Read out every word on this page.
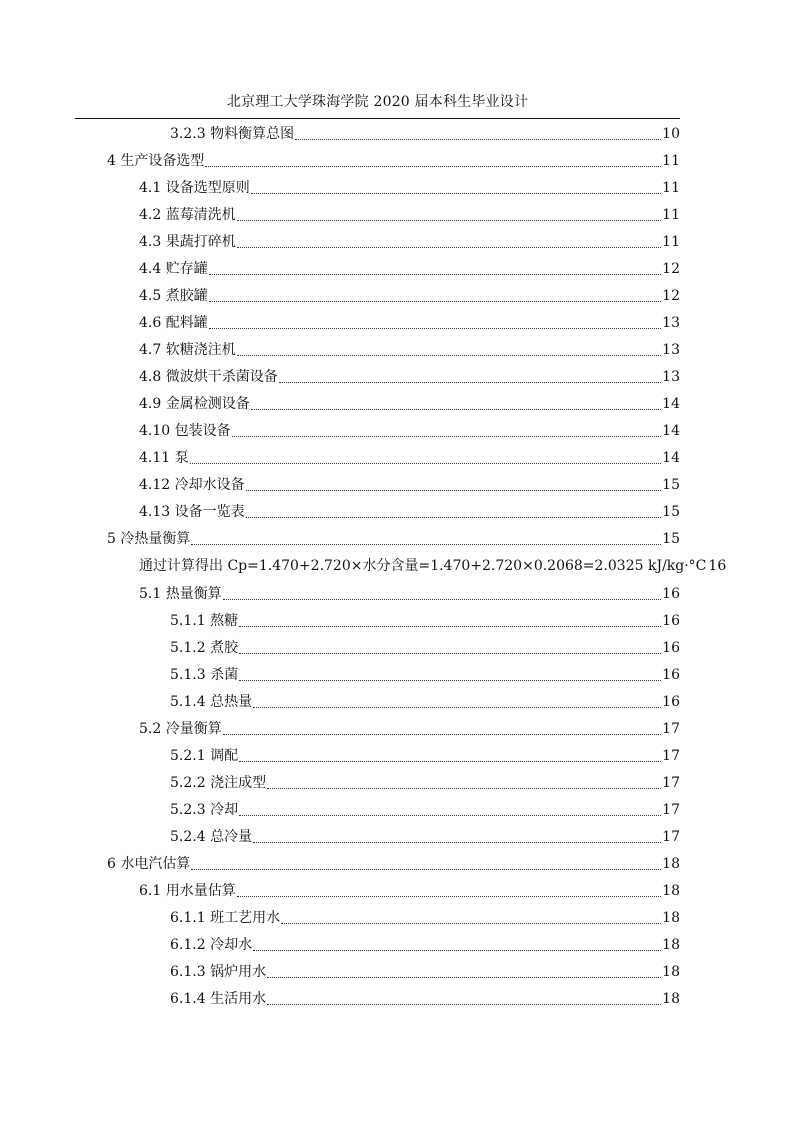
北京理工大学珠海学院 2020 届本科生毕业设计
3.2.3 物料衡算总图	10
4 生产设备选型	11
4.1 设备选型原则	11
4.2 蓝莓清洗机	11
4.3 果蔬打碎机	11
4.4 贮存罐	12
4.5 煮胶罐	12
4.6 配料罐	13
4.7 软糖浇注机	13
4.8 微波烘干杀菌设备	13
4.9 金属检测设备	14
4.10 包装设备	14
4.11 泵	14
4.12 冷却水设备	15
4.13 设备一览表	15
5 冷热量衡算	15
通过计算得出 Cp=1.470+2.720×水分含量=1.470+2.720×0.2068=2.0325 kJ/kg·°C 16
5.1 热量衡算	16
5.1.1 熬糖	16
5.1.2 煮胶	16
5.1.3 杀菌	16
5.1.4 总热量	16
5.2 冷量衡算	17
5.2.1 调配	17
5.2.2 浇注成型	17
5.2.3 冷却	17
5.2.4 总冷量	17
6 水电汽估算	18
6.1 用水量估算	18
6.1.1 班工艺用水	18
6.1.2 冷却水	18
6.1.3 锅炉用水	18
6.1.4 生活用水	18
